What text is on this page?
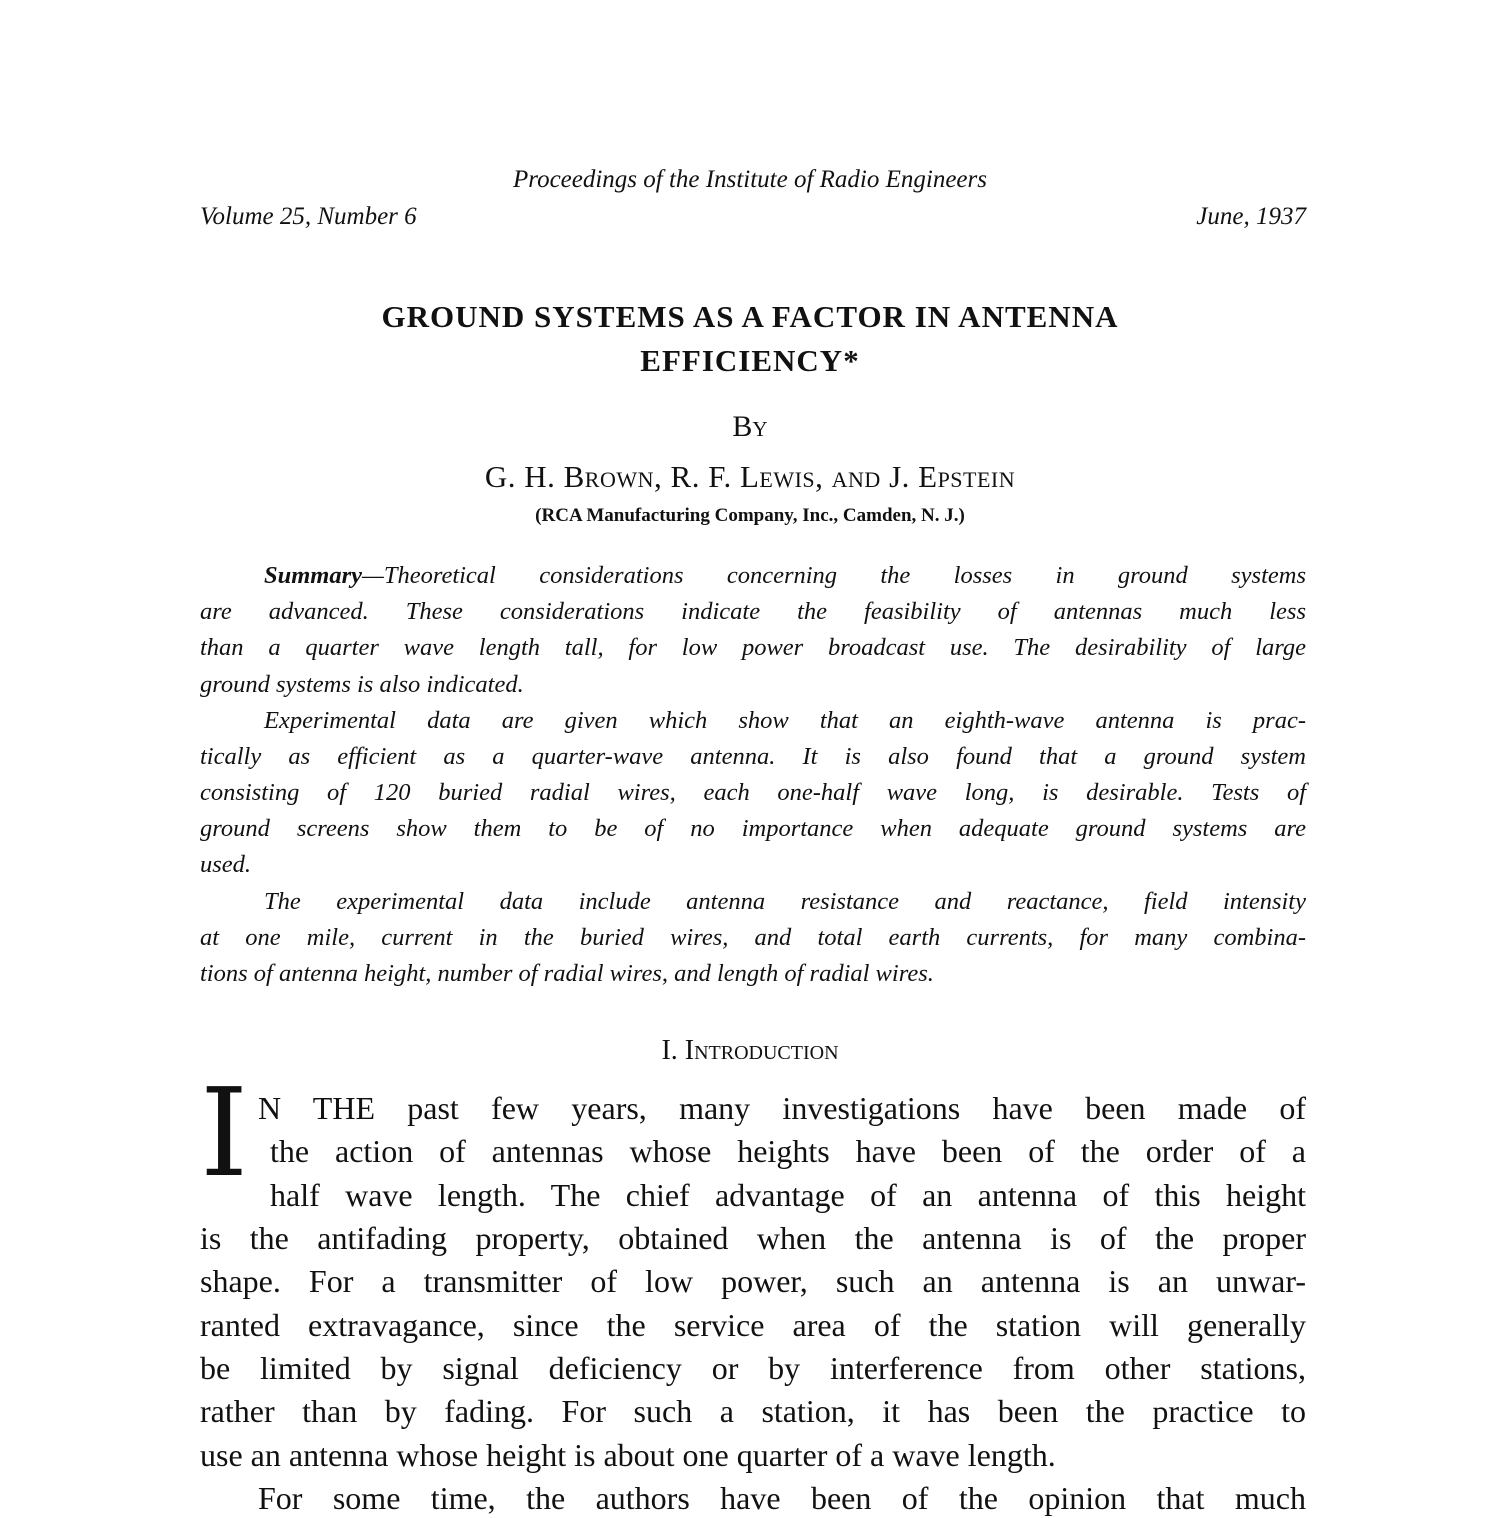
Proceedings of the Institute of Radio Engineers
Volume 25, Number 6	June, 1937
GROUND SYSTEMS AS A FACTOR IN ANTENNA
EFFICIENCY*
By
G. H. Brown, R. F. Lewis, and J. Epstein
(RCA Manufacturing Company, Inc., Camden, N. J.)
Summary—Theoretical considerations concerning the losses in ground systems
are advanced. These considerations indicate the feasibility of antennas much less
than a quarter wave length tall, for low power broadcast use. The desirability of large
ground systems is also indicated.
Experimental data are given which show that an eighth-wave antenna is prac-
tically as efficient as a quarter-wave antenna. It is also found that a ground system
consisting of 120 buried radial wires, each one-half wave long, is desirable. Tests of
ground screens show them to be of no importance when adequate ground systems are
used.
The experimental data include antenna resistance and reactance, field intensity
at one mile, current in the buried wires, and total earth currents, for many combina-
tions of antenna height, number of radial wires, and length of radial wires.
I. Introduction
I N THE past few years, many investigations have been made of
the action of antennas whose heights have been of the order of a
half wave length. The chief advantage of an antenna of this height
is the antifading property, obtained when the antenna is of the proper
shape. For a transmitter of low power, such an antenna is an unwar-
ranted extravagance, since the service area of the station will generally
be limited by signal deficiency or by interference from other stations,
rather than by fading. For such a station, it has been the practice to
use an antenna whose height is about one quarter of a wave length.
For some time, the authors have been of the opinion that much
